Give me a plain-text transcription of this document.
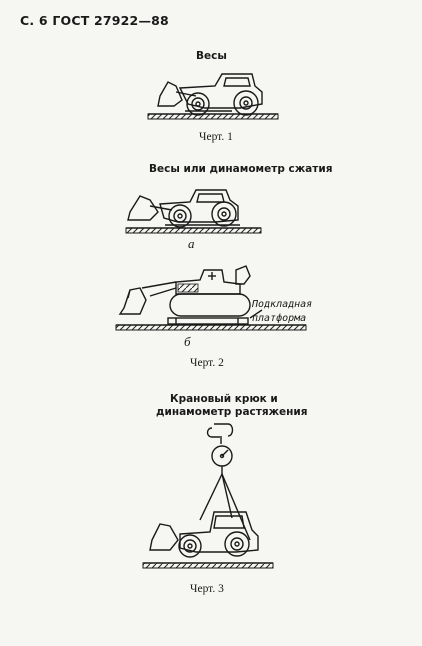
С. 6 ГОСТ 27922—88
Весы
Черт. 1
Весы или динамометр сжатия
а
Подкладная
платформа
б
Черт. 2
Крановый крюк и
динамометр растяжения
Черт. 3
